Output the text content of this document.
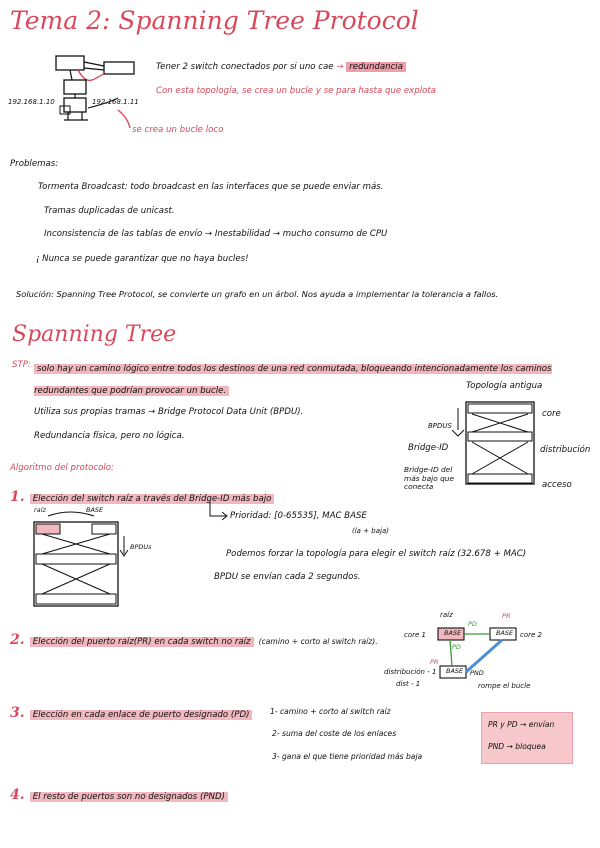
Tema 2: Spanning Tree Protocol
192.168.1.10	192.168.1.11
se crea un bucle loco
Tener 2 switch conectados por si uno cae → redundancia
Con esta topología, se crea un bucle y se para hasta que explota
Problemas:
Tormenta Broadcast: todo broadcast en las interfaces que se puede enviar más.
Tramas duplicadas de unicast.
Inconsistencia de las tablas de envío → Inestabilidad → mucho consumo de CPU
¡ Nunca se puede garantizar que no haya bucles!
Solución: Spanning Tree Protocol, se convierte un grafo en un árbol. Nos ayuda a implementar la tolerancia a fallos.
Spanning Tree
STP: solo hay un camino lógico entre todos los destinos de una red conmutada, bloqueando intencionadamente los caminos redundantes que podrían provocar un bucle.
Utiliza sus propias tramas → Bridge Protocol Data Unit (BPDU).
Redundancia física, pero no lógica.
Topología antigua
core
distribución
acceso
BPDUS
Bridge-ID
Bridge-ID del más bajo que conecta
Algoritmo del protocolo:
1. Elección del switch raíz a través del Bridge-ID más bajo
raíz	BASE
BPDUs
Prioridad: [0-65535], MAC BASE
(la + baja)
Podemos forzar la topología para elegir el switch raíz (32.678 + MAC)
BPDU se envían cada 2 segundos.
2. Elección del puerto raíz(PR) en cada switch no raíz (camino + corto al switch raíz).
raíz	PR
PD
BASE	BASE
BASE
core 1	core 2
PR
PD
PND
distribución - 1
dist - 1	rompe el bucle
3. Elección en cada enlace de puerto designado (PD)	1- camino + corto al switch raíz
2- suma del coste de los enlaces
3- gana el que tiene prioridad más baja
PR y PD → envían
PND → bloquea
4. El resto de puertos son no designados (PND)
